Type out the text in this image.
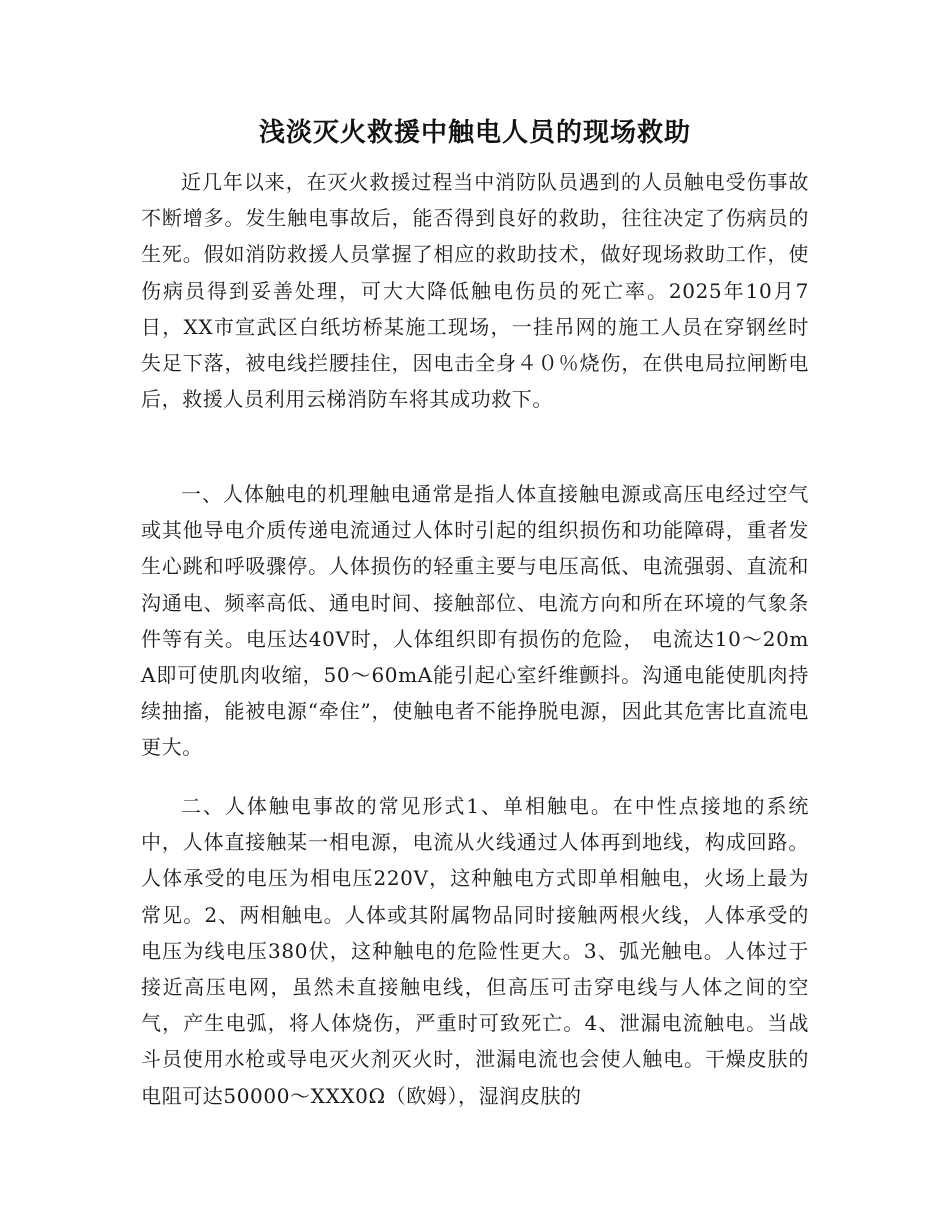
浅淡灭火救援中触电人员的现场救助

近几年以来，在灭火救援过程当中消防队员遇到的人员触电受伤事故不断增多。发生触电事故后，能否得到良好的救助，往往决定了伤病员的生死。假如消防救援人员掌握了相应的救助技术，做好现场救助工作，使伤病员得到妥善处理，可大大降低触电伤员的死亡率。2025年10月7日，XX市宣武区白纸坊桥某施工现场，一挂吊网的施工人员在穿钢丝时失足下落，被电线拦腰挂住，因电击全身４０％烧伤，在供电局拉闸断电后，救援人员利用云梯消防车将其成功救下。

一、人体触电的机理触电通常是指人体直接触电源或高压电经过空气或其他导电介质传递电流通过人体时引起的组织损伤和功能障碍，重者发生心跳和呼吸骤停。人体损伤的轻重主要与电压高低、电流强弱、直流和沟通电、频率高低、通电时间、接触部位、电流方向和所在环境的气象条件等有关。电压达40V时，人体组织即有损伤的危险， 电流达10～20mA即可使肌肉收缩，50～60mA能引起心室纤维颤抖。沟通电能使肌肉持续抽搐，能被电源“牵住”，使触电者不能挣脱电源，因此其危害比直流电更大。

二、人体触电事故的常见形式1、单相触电。在中性点接地的系统中，人体直接触某一相电源，电流从火线通过人体再到地线，构成回路。人体承受的电压为相电压220V，这种触电方式即单相触电，火场上最为常见。2、两相触电。人体或其附属物品同时接触两根火线，人体承受的电压为线电压380伏，这种触电的危险性更大。3、弧光触电。人体过于接近高压电网，虽然未直接触电线，但高压可击穿电线与人体之间的空气，产生电弧，将人体烧伤，严重时可致死亡。4、泄漏电流触电。当战斗员使用水枪或导电灭火剂灭火时，泄漏电流也会使人触电。干燥皮肤的电阻可达50000～XXX0Ω（欧姆），湿润皮肤的
